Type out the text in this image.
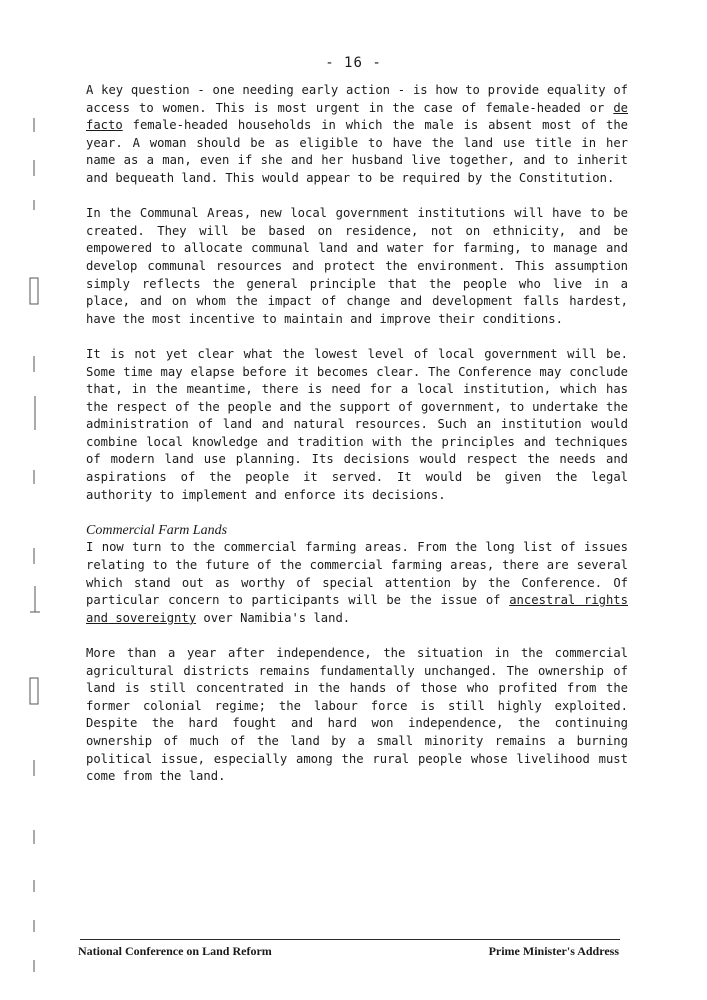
- 16 -

A key question - one needing early action - is how to provide equality of access to women. This is most urgent in the case of female-headed or de facto female-headed households in which the male is absent most of the year. A woman should be as eligible to have the land use title in her name as a man, even if she and her husband live together, and to inherit and bequeath land. This would appear to be required by the Constitution.

In the Communal Areas, new local government institutions will have to be created. They will be based on residence, not on ethnicity, and be empowered to allocate communal land and water for farming, to manage and develop communal resources and protect the environment. This assumption simply reflects the general principle that the people who live in a place, and on whom the impact of change and development falls hardest, have the most incentive to maintain and improve their conditions.

It is not yet clear what the lowest level of local government will be. Some time may elapse before it becomes clear. The Conference may conclude that, in the meantime, there is need for a local institution, which has the respect of the people and the support of government, to undertake the administration of land and natural resources. Such an institution would combine local knowledge and tradition with the principles and techniques of modern land use planning. Its decisions would respect the needs and aspirations of the people it served. It would be given the legal authority to implement and enforce its decisions.

Commercial Farm Lands
I now turn to the commercial farming areas. From the long list of issues relating to the future of the commercial farming areas, there are several which stand out as worthy of special attention by the Conference. Of particular concern to participants will be the issue of ancestral rights and sovereignty over Namibia's land.

More than a year after independence, the situation in the commercial agricultural districts remains fundamentally unchanged. The ownership of land is still concentrated in the hands of those who profited from the former colonial regime; the labour force is still highly exploited. Despite the hard fought and hard won independence, the continuing ownership of much of the land by a small minority remains a burning political issue, especially among the rural people whose livelihood must come from the land.

National Conference on Land Reform	Prime Minister's Address
